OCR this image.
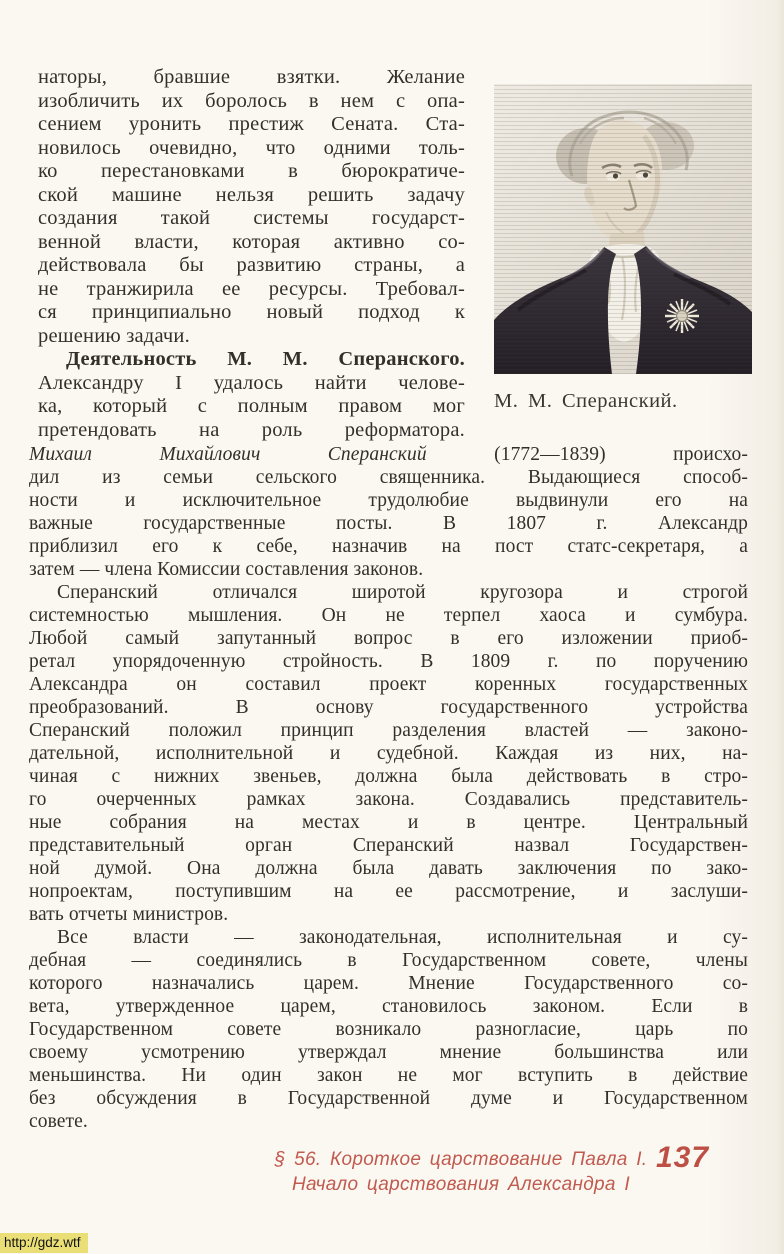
наторы, бравшие взятки. Желание
изобличить их боролось в нем с опа-
сением уронить престиж Сената. Ста-
новилось очевидно, что одними толь-
ко перестановками в бюрократиче-
ской машине нельзя решить задачу
создания такой системы государст-
венной власти, которая активно со-
действовала бы развитию страны, а
не транжирила ее ресурсы. Требовал-
ся принципиально новый подход к
решению задачи.
Деятельность М. М. Сперанского.
Александру I удалось найти челове-
ка, который с полным правом мог
претендовать на роль реформатора.
М. М. Сперанский.
Михаил Михайлович Сперанский (1772—1839) происхо-
дил из семьи сельского священника. Выдающиеся способ-
ности и исключительное трудолюбие выдвинули его на
важные государственные посты. В 1807 г. Александр
приблизил его к себе, назначив на пост статс-секретаря, а
затем — члена Комиссии составления законов.
Сперанский отличался широтой кругозора и строгой
системностью мышления. Он не терпел хаоса и сумбура.
Любой самый запутанный вопрос в его изложении приоб-
ретал упорядоченную стройность. В 1809 г. по поручению
Александра он составил проект коренных государственных
преобразований. В основу государственного устройства
Сперанский положил принцип разделения властей — законо-
дательной, исполнительной и судебной. Каждая из них, на-
чиная с нижних звеньев, должна была действовать в стро-
го очерченных рамках закона. Создавались представитель-
ные собрания на местах и в центре. Центральный
представительный орган Сперанский назвал Государствен-
ной думой. Она должна была давать заключения по зако-
нопроектам, поступившим на ее рассмотрение, и заслуши-
вать отчеты министров.
Все власти — законодательная, исполнительная и су-
дебная — соединялись в Государственном совете, члены
которого назначались царем. Мнение Государственного со-
вета, утвержденное царем, становилось законом. Если в
Государственном совете возникало разногласие, царь по
своему усмотрению утверждал мнение большинства или
меньшинства. Ни один закон не мог вступить в действие
без обсуждения в Государственной думе и Государственном
совете.
§ 56. Короткое царствование Павла I.
Начало царствования Александра I
137
http://gdz.wtf
